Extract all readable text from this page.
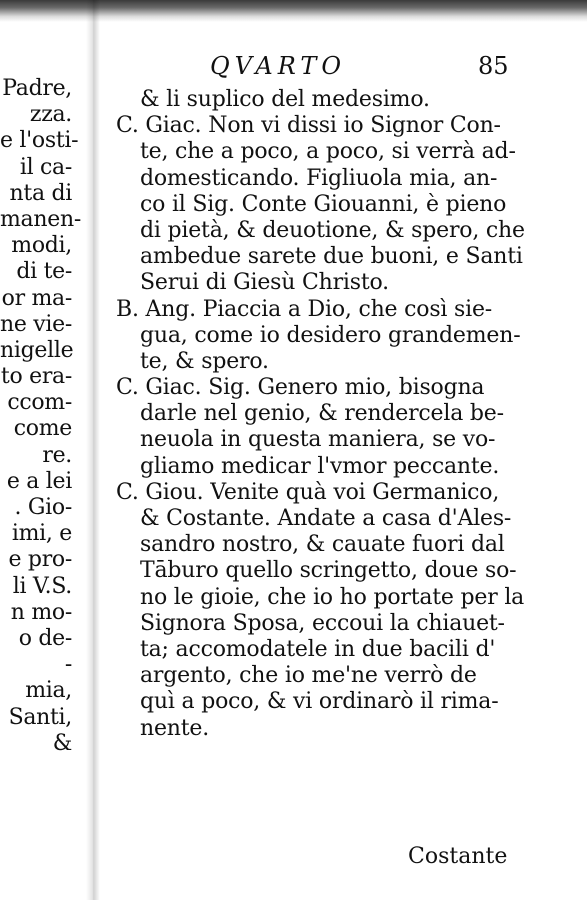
Padre,
zza.
e l'osti-
il ca-
nta di
manen-
modi,
di te-
or ma-
ne vie-
nigelle
to era-
ccom-
come
re.
e a lei
. Gio-
imi, e
e pro-
li V.S.
n mo-
o de-
-
mia,
Santi,
&
QVARTO	85
& li suplico del medesimo.
C. Giac. Non vi dissi io Signor Con-
te, che a poco, a poco, si verrà ad-
domesticando. Figliuola mia, an-
co il Sig. Conte Giouanni, è pieno
di pietà, & deuotione, & spero, che
ambedue sarete due buoni, e Santi
Serui di Giesù Christo.
B. Ang. Piaccia a Dio, che così sie-
gua, come io desidero grandemen-
te, & spero.
C. Giac. Sig. Genero mio, bisogna
darle nel genio, & rendercela be-
neuola in questa maniera, se vo-
gliamo medicar l'vmor peccante.
C. Giou. Venite quà voi Germanico,
& Costante. Andate a casa d'Ales-
sandro nostro, & cauate fuori dal
Tāburo quello scringetto, doue so-
no le gioie, che io ho portate per la
Signora Sposa, eccoui la chiauet-
ta; accomodatele in due bacili d'
argento, che io me'ne verrò de
quì a poco, & vi ordinarò il rima-
nente.
Costante
